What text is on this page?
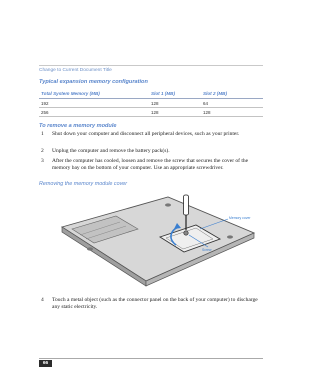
Change to Current Document Title
Typical expansion memory configuration
Total System Memory (MB)	Slot 1 (MB)	Slot 2 (MB)
192	128	64
256	128	128
To remove a memory module
1	Shut down your computer and disconnect all peripheral devices, such as your printer.
2	Unplug the computer and remove the battery pack(s).
3	After the computer has cooled, loosen and remove the screw that secures the cover of the memory bay on the bottom of your computer. Use an appropriate screwdriver.
Removing the memory module cover
Memory cover
Screw
4	Touch a metal object (such as the connector panel on the back of your computer) to discharge any static electricity.
66
